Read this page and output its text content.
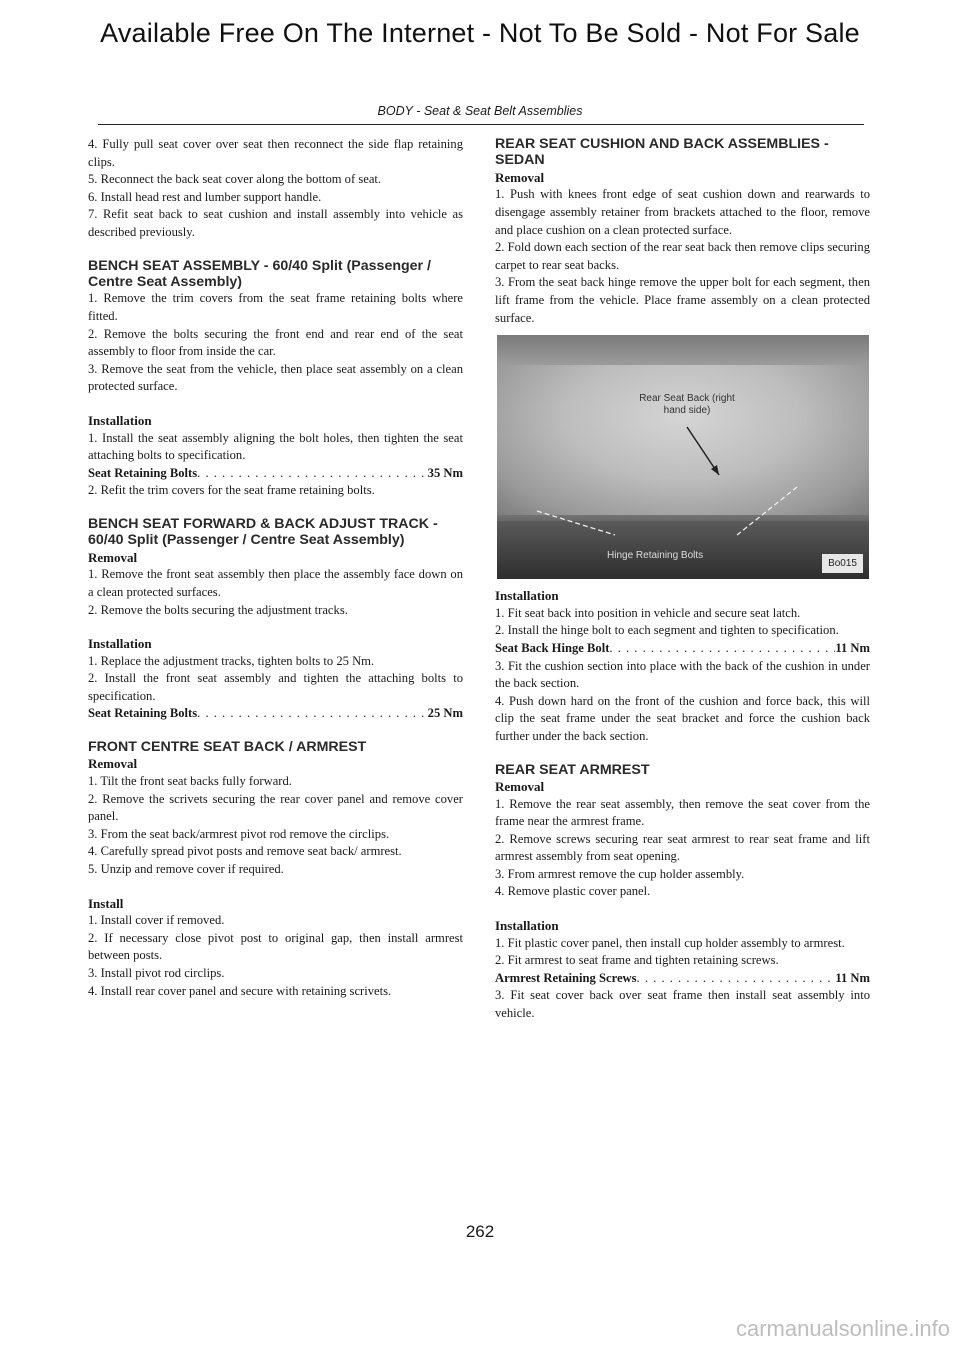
Available Free On The Internet - Not To Be Sold - Not For Sale
BODY - Seat & Seat Belt Assemblies

4. Fully pull seat cover over seat then reconnect the side flap retaining clips.

5. Reconnect the back seat cover along the bottom of seat.

6. Install head rest and lumber support handle.

7. Refit seat back to seat cushion and install assembly into vehicle as described previously.

BENCH SEAT ASSEMBLY - 60/40 Split (Passenger / Centre Seat Assembly)

1. Remove the trim covers from the seat frame retaining bolts where fitted.

2. Remove the bolts securing the front end and rear end of the seat assembly to floor from inside the car.

3. Remove the seat from the vehicle, then place seat assembly on a clean protected surface.

Installation

1. Install the seat assembly aligning the bolt holes, then tighten the seat attaching bolts to specification.

Seat Retaining Bolts . . .	35 Nm

2. Refit the trim covers for the seat frame retaining bolts.

BENCH SEAT FORWARD & BACK ADJUST TRACK - 60/40 Split (Passenger / Centre Seat Assembly)
Removal

1. Remove the front seat assembly then place the assembly face down on a clean protected surfaces.

2. Remove the bolts securing the adjustment tracks.

Installation

1. Replace the adjustment tracks, tighten bolts to 25 Nm.

2. Install the front seat assembly and tighten the attaching bolts to specification.

Seat Retaining Bolts . . .	25 Nm
FRONT CENTRE SEAT BACK / ARMREST
Removal

1. Tilt the front seat backs fully forward.

2. Remove the scrivets securing the rear cover panel and remove cover panel.

3. From the seat back/armrest pivot rod remove the circlips.

4. Carefully spread pivot posts and remove seat back/ armrest.

5. Unzip and remove cover if required.

Install

1. Install cover if removed.

2. If necessary close pivot post to original gap, then install armrest between posts.

3. Install pivot rod circlips.

4. Install rear cover panel and secure with retaining scrivets.

REAR SEAT CUSHION AND BACK ASSEMBLIES - SEDAN
Removal

1. Push with knees front edge of seat cushion down and rearwards to disengage assembly retainer from brackets attached to the floor, remove and place cushion on a clean protected surface.

2. Fold down each section of the rear seat back then remove clips securing carpet to rear seat backs.

3. From the seat back hinge remove the upper bolt for each segment, then lift frame from the vehicle. Place frame assembly on a clean protected surface.

Rear Seat Back (right hand side)
Hinge Retaining Bolts
Bo015
Installation

1. Fit seat back into position in vehicle and secure seat latch.

2. Install the hinge bolt to each segment and tighten to specification.

Seat Back Hinge Bolt . . .	11 Nm

3. Fit the cushion section into place with the back of the cushion in under the back section.

4. Push down hard on the front of the cushion and force back, this will clip the seat frame under the seat bracket and force the cushion back further under the back section.

REAR SEAT ARMREST
Removal

1. Remove the rear seat assembly, then remove the seat cover from the frame near the armrest frame.

2. Remove screws securing rear seat armrest to rear seat frame and lift armrest assembly from seat opening.

3. From armrest remove the cup holder assembly.

4. Remove plastic cover panel.

Installation

1. Fit plastic cover panel, then install cup holder assembly to armrest.

2. Fit armrest to seat frame and tighten retaining screws.

Armrest Retaining Screws . . .	11 Nm

3. Fit seat cover back over seat frame then install seat assembly into vehicle.

262
carmanualsonline.info
